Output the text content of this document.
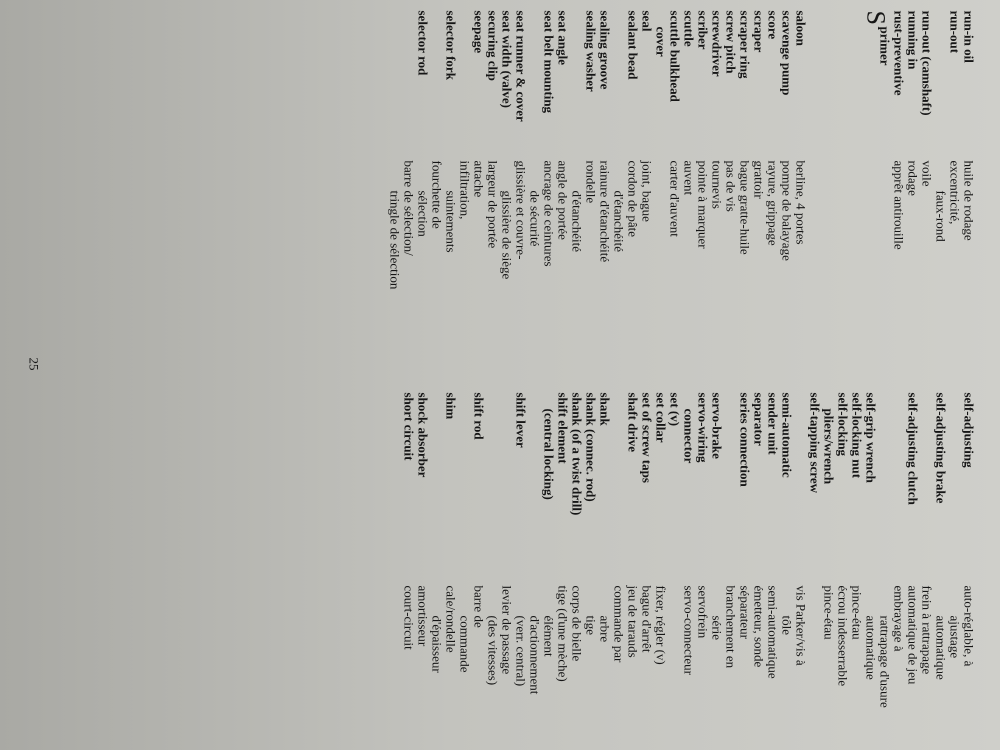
S	run-in oil
run-out
run-out (camshaft)
running in
rust-preventive
primer
saloon
scavenge pump
score
scraper
scraper ring
screw pitch
screwdriver
scriber
scuttle
scuttle bulkhead
cover
seal
sealant bead
sealing groove
sealing washer
seat angle
seat belt mounting
seat runner & cover
seat width (valve)
securing clip
seepage
selector fork
selector rod
huile de rodage
excentricité,
faux-rond
voile
rodage
apprêt antirouille
berline, 4 portes
pompe de balayage
rayure, grippage
grattoir
bague gratte-huile
pas de vis
tournevis
pointe à marquer
auvent
carter d'auvent
joint, bague
cordon de pâte
d'étanchéité
rainure d'étanchéité
rondelle
d'étanchéité
angle de portée
ancrage de ceintures
de sécurité
glissière et couvre-
glissière de siège
largeur de portée
attache
infiltration,
suintements
fourchette de
sélection
barre de sélection/
tringle de sélection
self-adjusting
self-adjusting brake
self-adjusting clutch
self-grip wrench
self-locking nut
self-locking
pliers/wrench
self-tapping screw
semi-automatic
sender unit
separator
series connection
servo-brake
servo-wiring
connector
set (v)
set collar
set of screw taps
shaft drive
shank
shank (connec. rod)
shank (of a twist drill)
shift element
(central locking)
shift lever
shift rod
shim
shock absorber
short circuit
auto-réglable, à
ajustage
automatique
frein à rattrapage
automatique de jeu
embrayage à
rattrapage d'usure
automatique
pince-étau
écrou indesserrable
pince-étau
vis Parker/vis à
tôle
semi-automatique
émetteur, sonde
séparateur
branchement en
série
servofrein
servo-connecteur
fixer, régler (v)
bague d'arrêt
jeu de tarauds
commande par
arbre
tige
corps de bielle
tige (d'une mèche)
élément
d'actionnement
(verr. central)
levier de passage
(des vitesses)
barre de
commande
cale/rondelle
d'épaisseur
amortisseur
court-circuit
25
